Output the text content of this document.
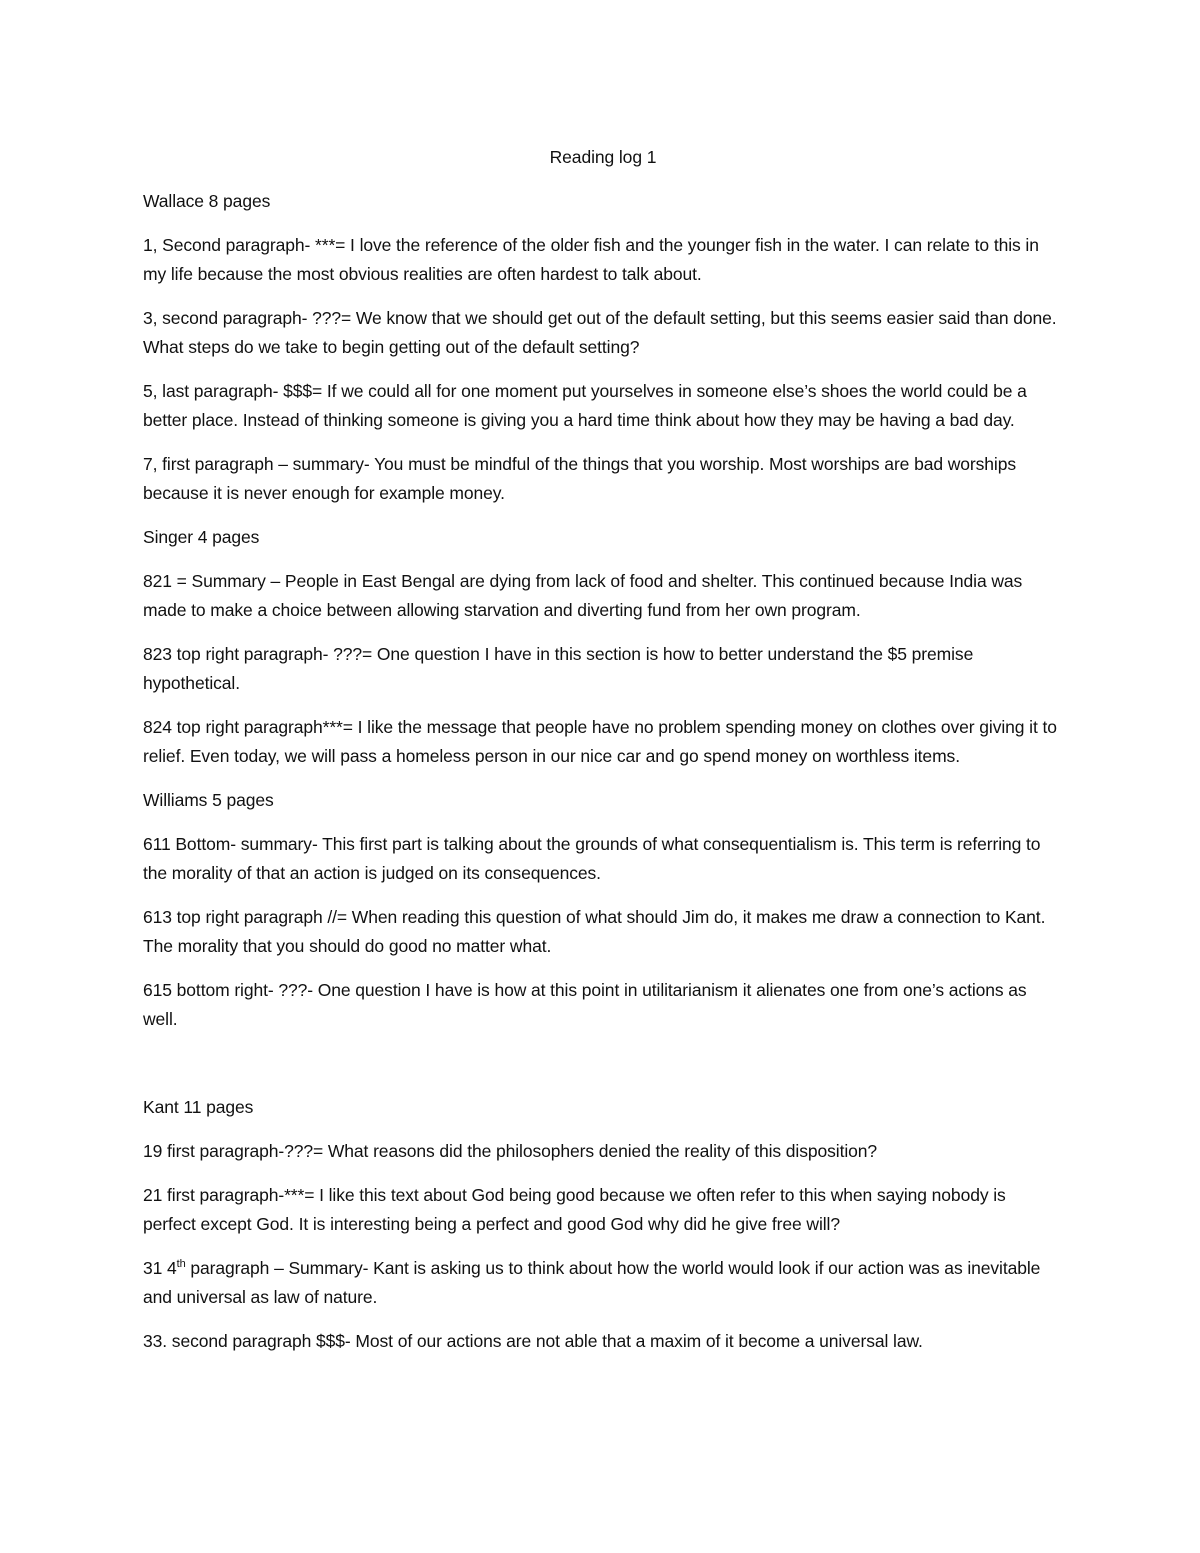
Reading log 1
Wallace 8 pages
1, Second paragraph- ***= I love the reference of the older fish and the younger fish in the water. I can relate to this in my life because the most obvious realities are often hardest to talk about.
3, second paragraph- ???= We know that we should get out of the default setting, but this seems easier said than done. What steps do we take to begin getting out of the default setting?
5, last paragraph- $$$= If we could all for one moment put yourselves in someone else’s shoes the world could be a better place. Instead of thinking someone is giving you a hard time think about how they may be having a bad day.
7, first paragraph – summary- You must be mindful of the things that you worship. Most worships are bad worships because it is never enough for example money.
Singer 4 pages
821 = Summary – People in East Bengal are dying from lack of food and shelter. This continued because India was made to make a choice between allowing starvation and diverting fund from her own program.
823 top right paragraph- ???= One question I have in this section is how to better understand the $5 premise hypothetical.
824 top right paragraph***= I like the message that people have no problem spending money on clothes over giving it to relief. Even today, we will pass a homeless person in our nice car and go spend money on worthless items.
Williams 5 pages
611 Bottom- summary- This first part is talking about the grounds of what consequentialism is. This term is referring to the morality of that an action is judged on its consequences.
613 top right paragraph //= When reading this question of what should Jim do, it makes me draw a connection to Kant. The morality that you should do good no matter what.
615 bottom right- ???- One question I have is how at this point in utilitarianism it alienates one from one’s actions as well.
Kant 11 pages
19 first paragraph-???= What reasons did the philosophers denied the reality of this disposition?
21 first paragraph-***= I like this text about God being good because we often refer to this when saying nobody is perfect except God. It is interesting being a perfect and good God why did he give free will?
31 4th paragraph – Summary- Kant is asking us to think about how the world would look if our action was as inevitable and universal as law of nature.
33. second paragraph $$$- Most of our actions are not able that a maxim of it become a universal law.
